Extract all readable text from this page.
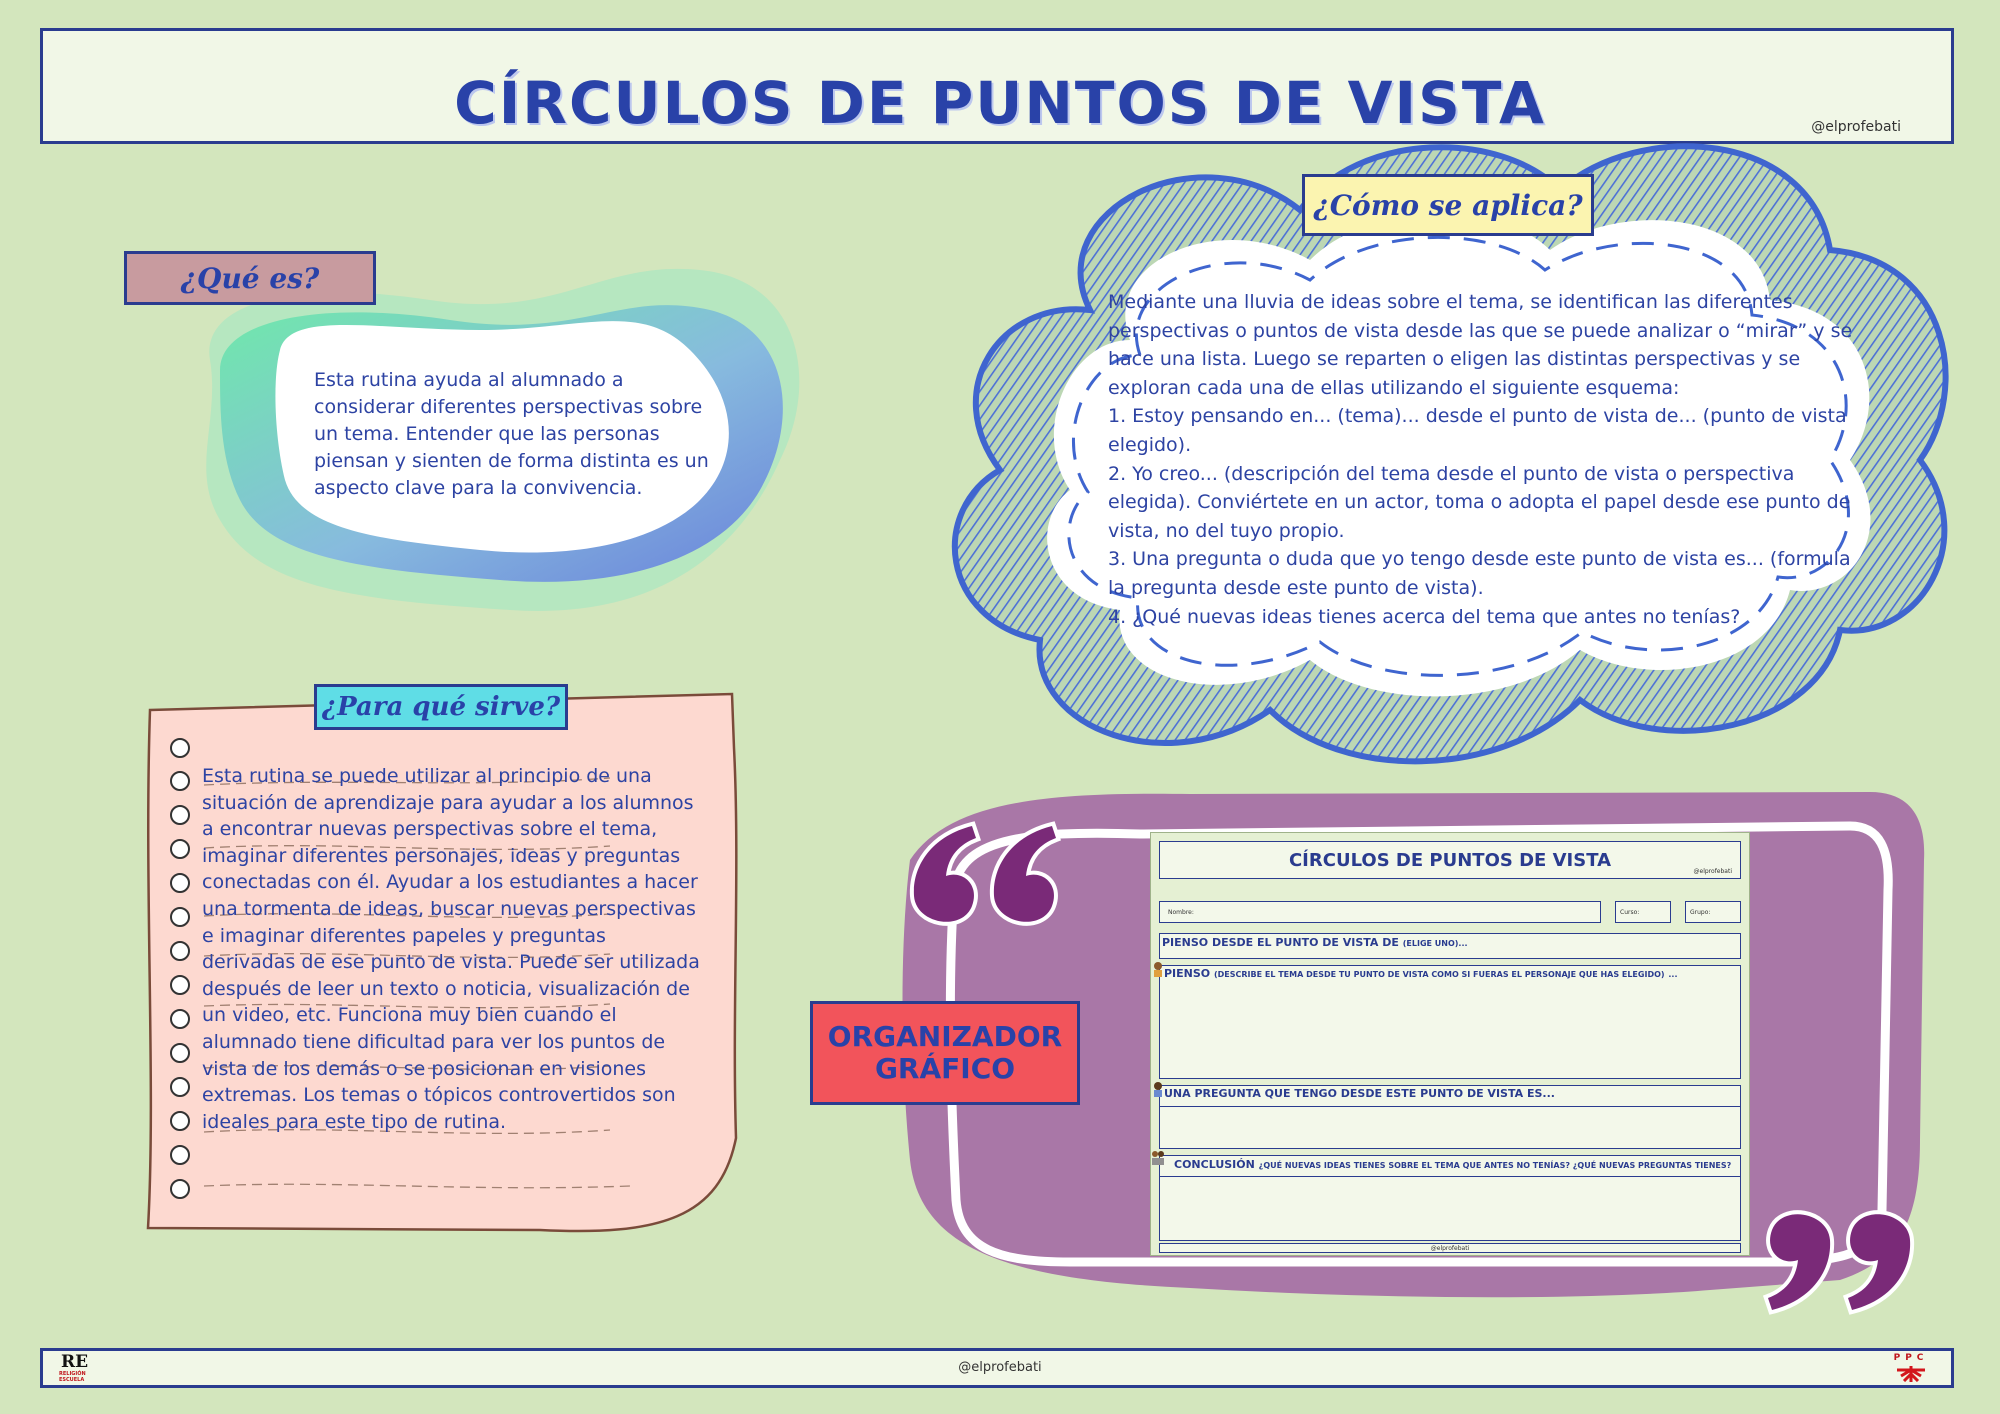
CÍRCULOS DE PUNTOS DE VISTA	@elprofebati
¿Qué es?
Esta rutina ayuda al alumnado a considerar diferentes perspectivas sobre un tema. Entender que las personas piensan y sienten de forma distinta es un aspecto clave para la convivencia.
¿Para qué sirve?
Esta rutina se puede utilizar al principio de una situación de aprendizaje para ayudar a los alumnos a encontrar nuevas perspectivas sobre el tema, imaginar diferentes personajes, ideas y preguntas conectadas con él. Ayudar a los estudiantes a hacer una tormenta de ideas, buscar nuevas perspectivas e imaginar diferentes papeles y preguntas derivadas de ese punto de vista. Puede ser utilizada después de leer un texto o noticia, visualización de un video, etc. Funciona muy bien cuando el alumnado tiene dificultad para ver los puntos de vista de los demás o se posicionan en visiones extremas. Los temas o tópicos controvertidos son ideales para este tipo de rutina.
¿Cómo se aplica?

Mediante una lluvia de ideas sobre el tema, se identifican las diferentes perspectivas o puntos de vista desde las que se puede analizar o “mirar” y se hace una lista. Luego se reparten o eligen las distintas perspectivas y se exploran cada una de ellas utilizando el siguiente esquema:

1. Estoy pensando en... (tema)... desde el punto de vista de... (punto de vista elegido).

2. Yo creo... (descripción del tema desde el punto de vista o perspectiva elegida). Conviértete en un actor, toma o adopta el papel desde ese punto de vista, no del tuyo propio.

3. Una pregunta o duda que yo tengo desde este punto de vista es... (formula la pregunta desde este punto de vista).

4. ¿Qué nuevas ideas tienes acerca del tema que antes no tenías?

ORGANIZADOR
GRÁFICO
CÍRCULOS DE PUNTOS DE VISTA
@elprofebati
Nombre:	Curso:	Grupo:
PIENSO DESDE EL PUNTO DE VISTA DE (ELIGE UNO)...
PIENSO (DESCRIBE EL TEMA DESDE TU PUNTO DE VISTA COMO SI FUERAS EL PERSONAJE QUE HAS ELEGIDO) ...
UNA PREGUNTA QUE TENGO DESDE ESTE PUNTO DE VISTA ES...
CONCLUSIÓN ¿QUÉ NUEVAS IDEAS TIENES SOBRE EL TEMA QUE ANTES NO TENÍAS? ¿QUÉ NUEVAS PREGUNTAS TIENES?
@elprofebati
RE
RELIGIÓN
ESCUELA
@elprofebati
PPC
